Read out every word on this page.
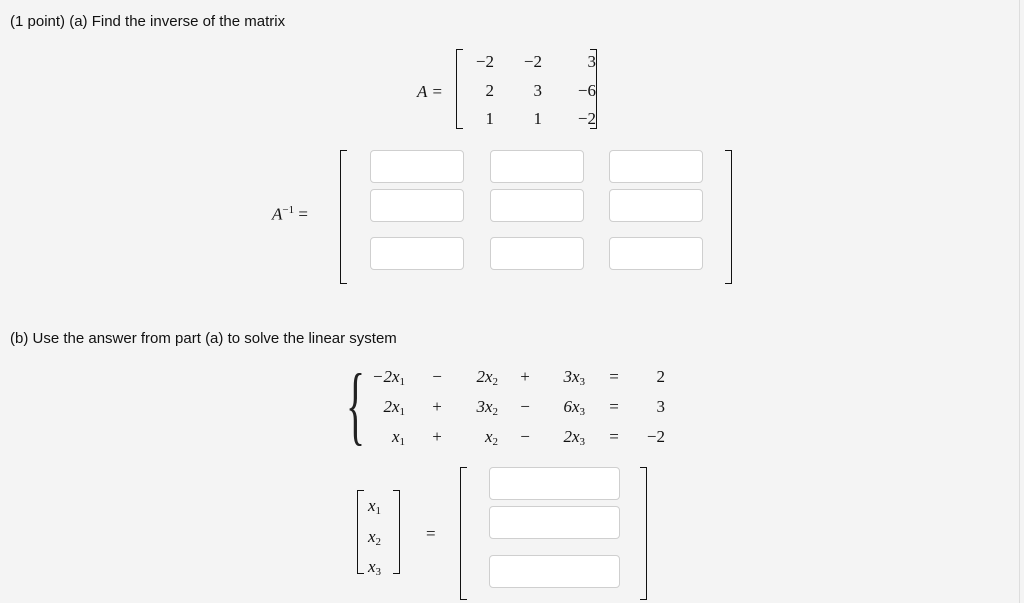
(1 point) (a) Find the inverse of the matrix
A =
−2	−2	3
2	3	−6
1	1	−2
$A^{-1}$ =
(b) Use the answer from part (a) to solve the linear system
{ $-2x_1$	−	$2x_2$	+	$3x_3$	=	2
$2x_1$	+	$3x_2$	−	$6x_3$	=	3
$x_1$	+	$x_2$	−	$2x_3$	=	−2
$x_1$
$x_2$
$x_3$
=
